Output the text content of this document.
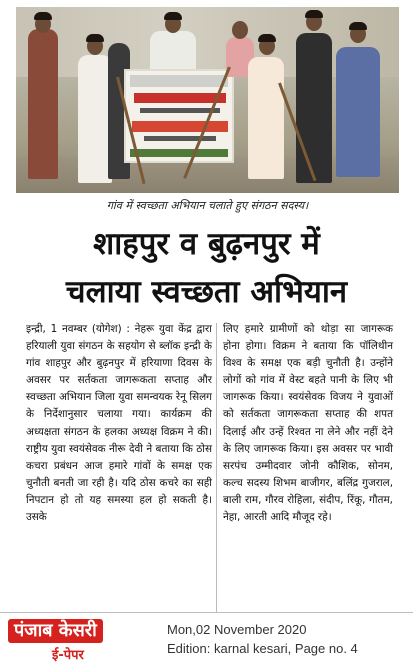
गांव में स्वच्छता अभियान चलाते हुए संगठन सदस्य।
शाहपुर व बुढ़नपुर में
चलाया स्वच्छता अभियान
इन्द्री, 1 नवम्बर (योगेश) : नेहरू युवा केंद्र द्वारा हरियाली युवा संगठन के सहयोग से ब्लॉक इन्द्री के गांव शाहपुर और बुढ़नपुर में हरियाणा दिवस के अवसर पर सर्तकता जागरूकता सप्ताह और स्वच्छता अभियान जिला युवा समन्वयक रेनू सिलग के निर्देशानुसार चलाया गया। कार्यक्रम की अध्यक्षता संगठन के हलका अध्यक्ष विक्रम ने की। राष्ट्रीय युवा स्वयंसेवक नीरू देवी ने बताया कि ठोस कचरा प्रबंधन आज हमारे गांवों के समक्ष एक चुनौती बनती जा रही है। यदि ठोस कचरे का सही निपटान हो तो यह समस्या हल हो सकती है। उसके
लिए हमारे ग्रामीणों को थोड़ा सा जागरूक होना होगा। विक्रम ने बताया कि पॉलिथीन विश्व के समक्ष एक बड़ी चुनौती है। उन्होंने लोगों को गांव में वेस्ट बहते पानी के लिए भी जागरूक किया। स्वयंसेवक विजय ने युवाओं को सर्तकता जागरूकता सप्ताह की शपत दिलाई और उन्हें रिश्वत ना लेने और नहीं देने के लिए जागरूक किया। इस अवसर पर भावी सरपंच उम्मीदवार जोनी कौशिक, सोनम, कल्च सदस्य शिभम बाजीगर, बलिंद्र गुजराल, बाली राम, गौरव रोहिला, संदीप, रिंकू, गौतम, नेहा, आरती आदि मौजूद रहे।
पंजाब केसरी
ई-पेपर
Mon,02 November 2020
Edition: karnal kesari, Page no. 4
